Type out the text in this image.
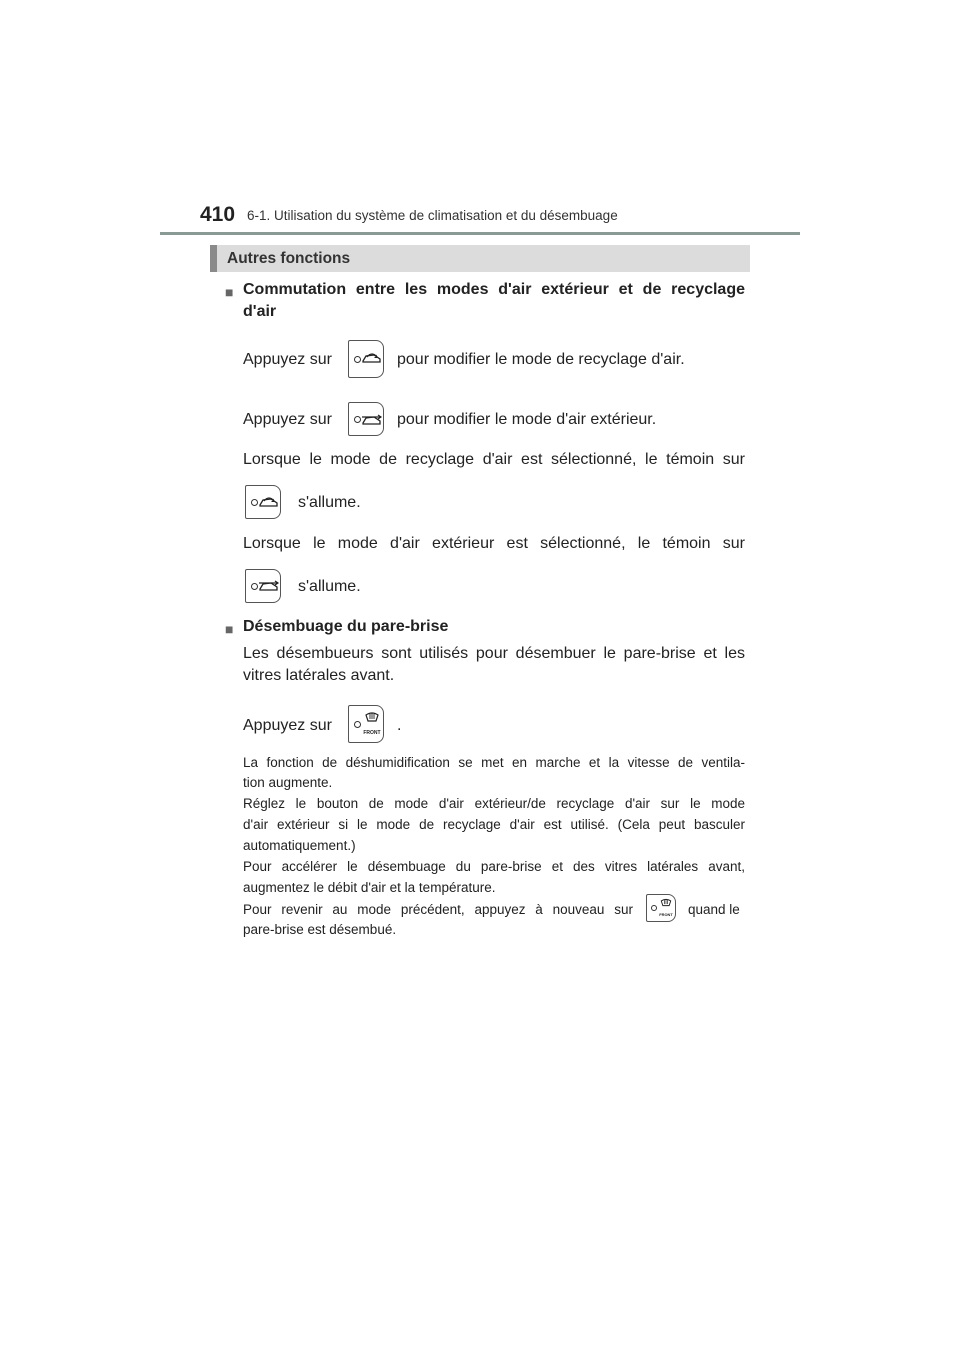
410 6-1. Utilisation du système de climatisation et du désembuage
Autres fonctions
■ Commutation entre les modes d'air extérieur et de recyclage
d'air
Appuyez sur	pour modifier le mode de recyclage d'air.
Appuyez sur	pour modifier le mode d'air extérieur.
Lorsque le mode de recyclage d'air est sélectionné, le témoin sur
s'allume.
Lorsque le mode d'air extérieur est sélectionné, le témoin sur
s'allume.
■ Désembuage du pare-brise
Les désembueurs sont utilisés pour désembuer le pare-brise et les
vitres latérales avant.
Appuyez sur	FRONT .
La fonction de déshumidification se met en marche et la vitesse de ventila-
tion augmente.
Réglez le bouton de mode d'air extérieur/de recyclage d'air sur le mode
d'air extérieur si le mode de recyclage d'air est utilisé. (Cela peut basculer
automatiquement.)
Pour accélérer le désembuage du pare-brise et des vitres latérales avant,
augmentez le débit d'air et la température.
Pour revenir au mode précédent, appuyez à nouveau sur	FRONT quand le
pare-brise est désembué.
